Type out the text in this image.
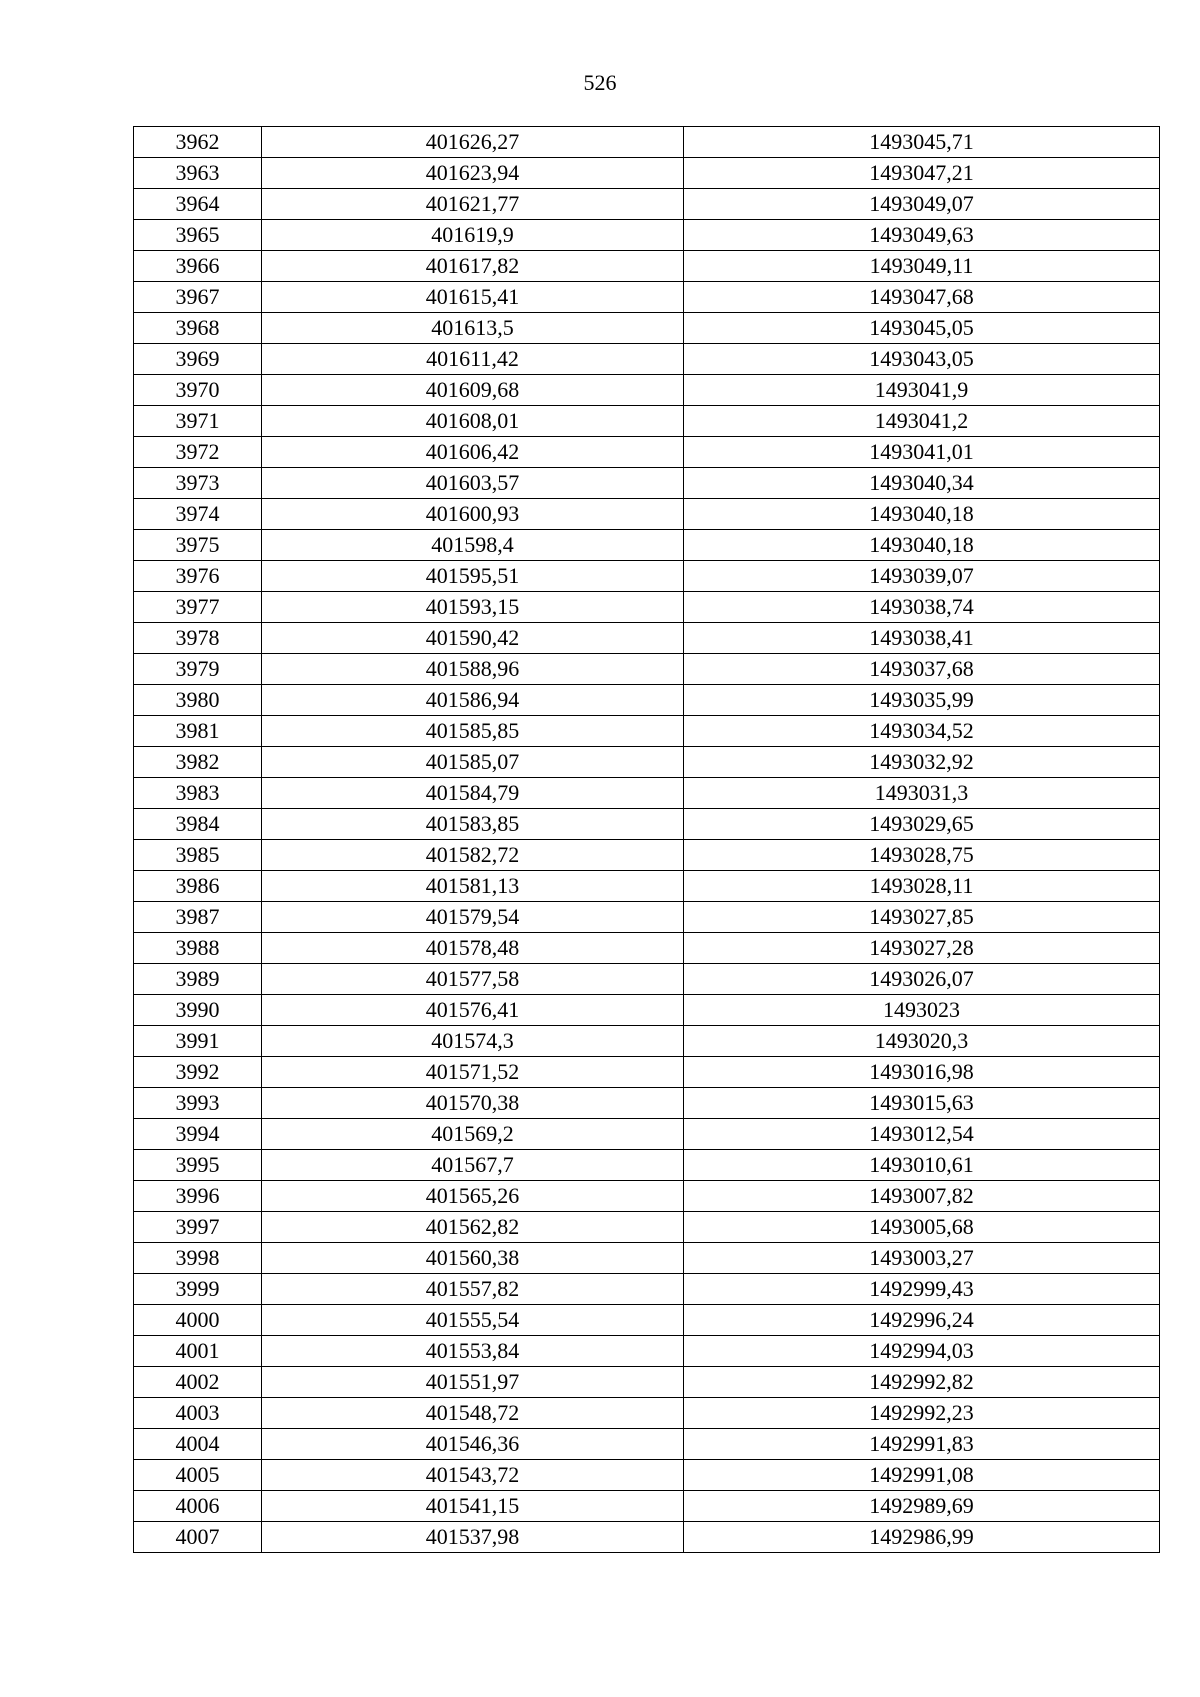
526
3962	401626,27	1493045,71
3963	401623,94	1493047,21
3964	401621,77	1493049,07
3965	401619,9	1493049,63
3966	401617,82	1493049,11
3967	401615,41	1493047,68
3968	401613,5	1493045,05
3969	401611,42	1493043,05
3970	401609,68	1493041,9
3971	401608,01	1493041,2
3972	401606,42	1493041,01
3973	401603,57	1493040,34
3974	401600,93	1493040,18
3975	401598,4	1493040,18
3976	401595,51	1493039,07
3977	401593,15	1493038,74
3978	401590,42	1493038,41
3979	401588,96	1493037,68
3980	401586,94	1493035,99
3981	401585,85	1493034,52
3982	401585,07	1493032,92
3983	401584,79	1493031,3
3984	401583,85	1493029,65
3985	401582,72	1493028,75
3986	401581,13	1493028,11
3987	401579,54	1493027,85
3988	401578,48	1493027,28
3989	401577,58	1493026,07
3990	401576,41	1493023
3991	401574,3	1493020,3
3992	401571,52	1493016,98
3993	401570,38	1493015,63
3994	401569,2	1493012,54
3995	401567,7	1493010,61
3996	401565,26	1493007,82
3997	401562,82	1493005,68
3998	401560,38	1493003,27
3999	401557,82	1492999,43
4000	401555,54	1492996,24
4001	401553,84	1492994,03
4002	401551,97	1492992,82
4003	401548,72	1492992,23
4004	401546,36	1492991,83
4005	401543,72	1492991,08
4006	401541,15	1492989,69
4007	401537,98	1492986,99
